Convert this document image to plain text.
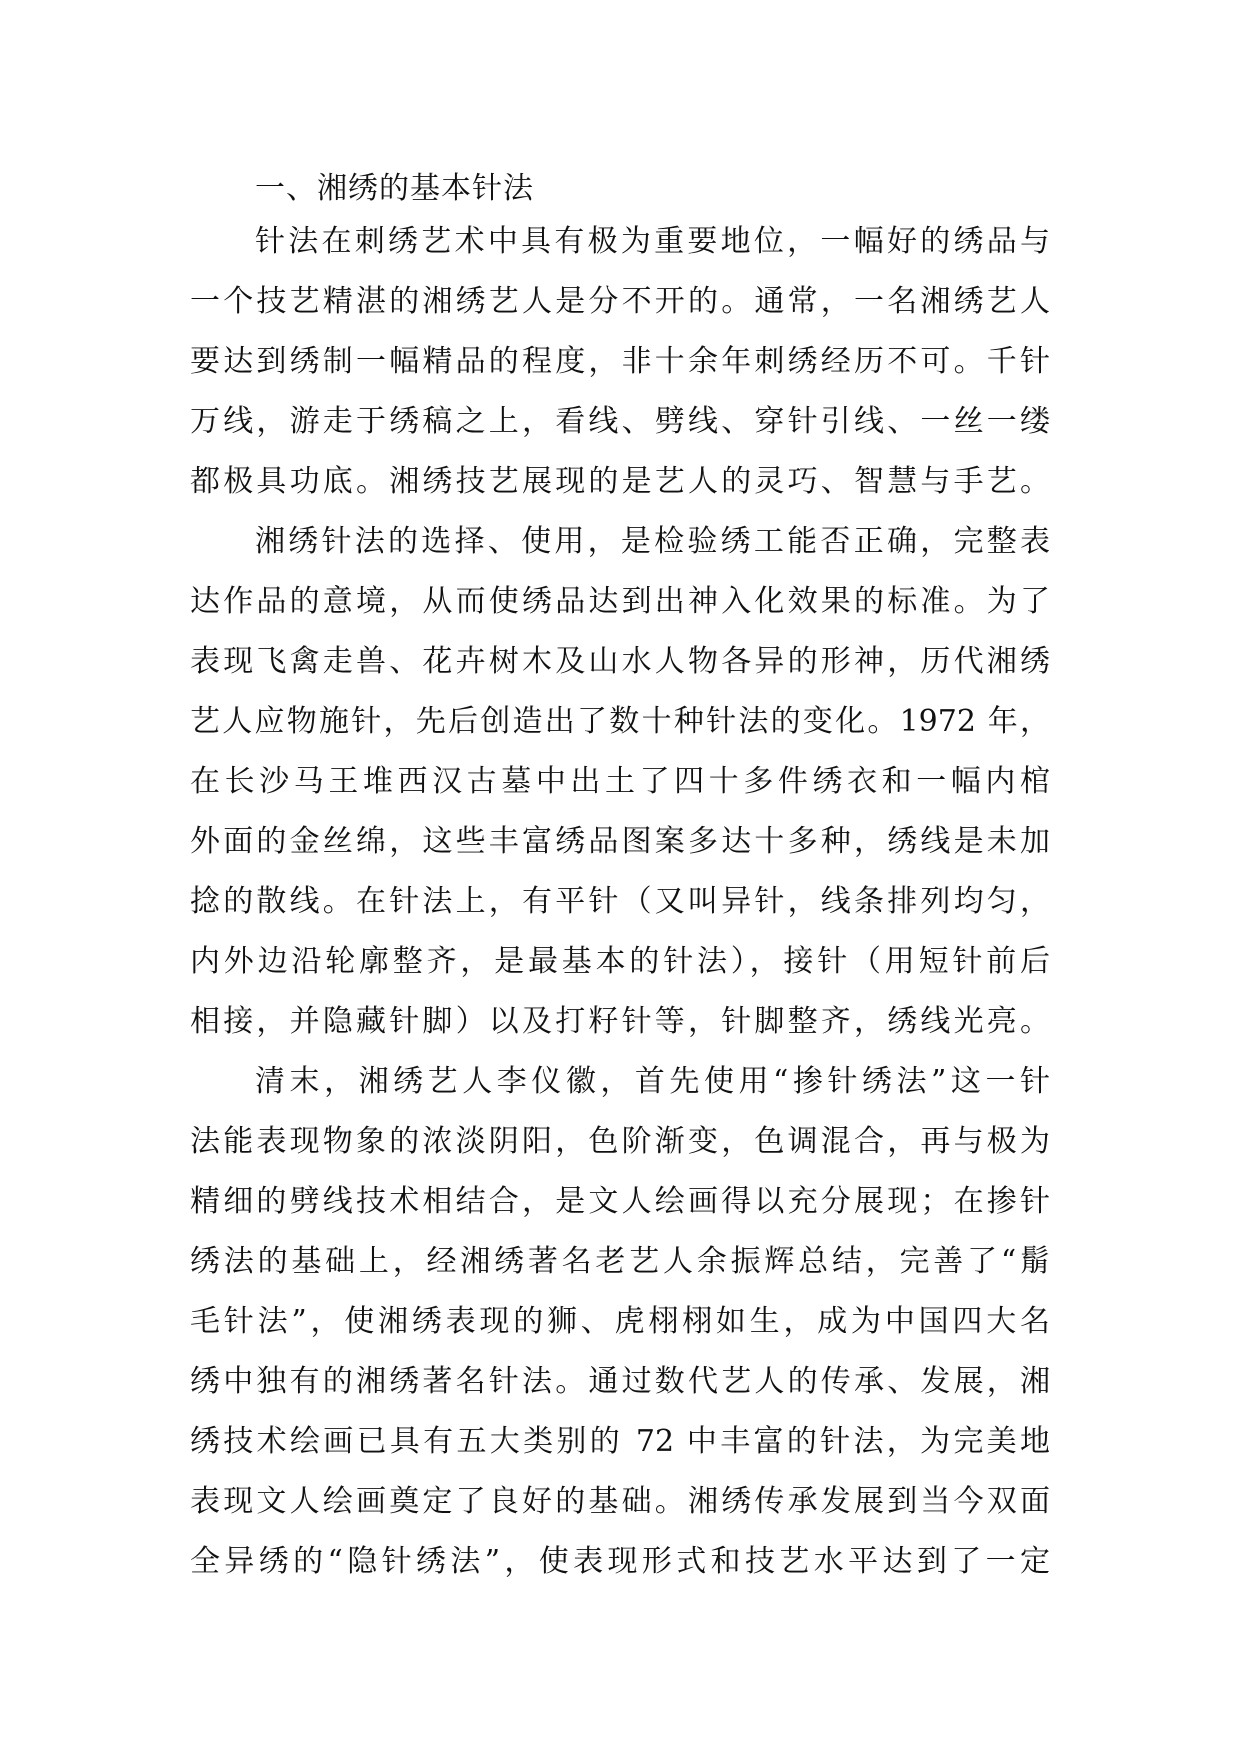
一、湘绣的基本针法
针法在刺绣艺术中具有极为重要地位，一幅好的绣品与
一个技艺精湛的湘绣艺人是分不开的。通常，一名湘绣艺人
要达到绣制一幅精品的程度，非十余年刺绣经历不可。千针
万线，游走于绣稿之上，看线、劈线、穿针引线、一丝一缕
都极具功底。湘绣技艺展现的是艺人的灵巧、智慧与手艺。
湘绣针法的选择、使用，是检验绣工能否正确，完整表
达作品的意境，从而使绣品达到出神入化效果的标准。为了
表现飞禽走兽、花卉树木及山水人物各异的形神，历代湘绣
艺人应物施针，先后创造出了数十种针法的变化。1972 年，
在长沙马王堆西汉古墓中出土了四十多件绣衣和一幅内棺
外面的金丝绵，这些丰富绣品图案多达十多种，绣线是未加
捻的散线。在针法上，有平针（又叫异针，线条排列均匀，
内外边沿轮廓整齐，是最基本的针法），接针（用短针前后
相接，并隐藏针脚）以及打籽针等，针脚整齐，绣线光亮。
清末，湘绣艺人李仪徽，首先使用“掺针绣法”这一针
法能表现物象的浓淡阴阳，色阶渐变，色调混合，再与极为
精细的劈线技术相结合，是文人绘画得以充分展现；在掺针
绣法的基础上，经湘绣著名老艺人余振辉总结，完善了“鬅
毛针法”，使湘绣表现的狮、虎栩栩如生，成为中国四大名
绣中独有的湘绣著名针法。通过数代艺人的传承、发展，湘
绣技术绘画已具有五大类别的 72 中丰富的针法，为完美地
表现文人绘画奠定了良好的基础。湘绣传承发展到当今双面
全异绣的“隐针绣法”，使表现形式和技艺水平达到了一定
